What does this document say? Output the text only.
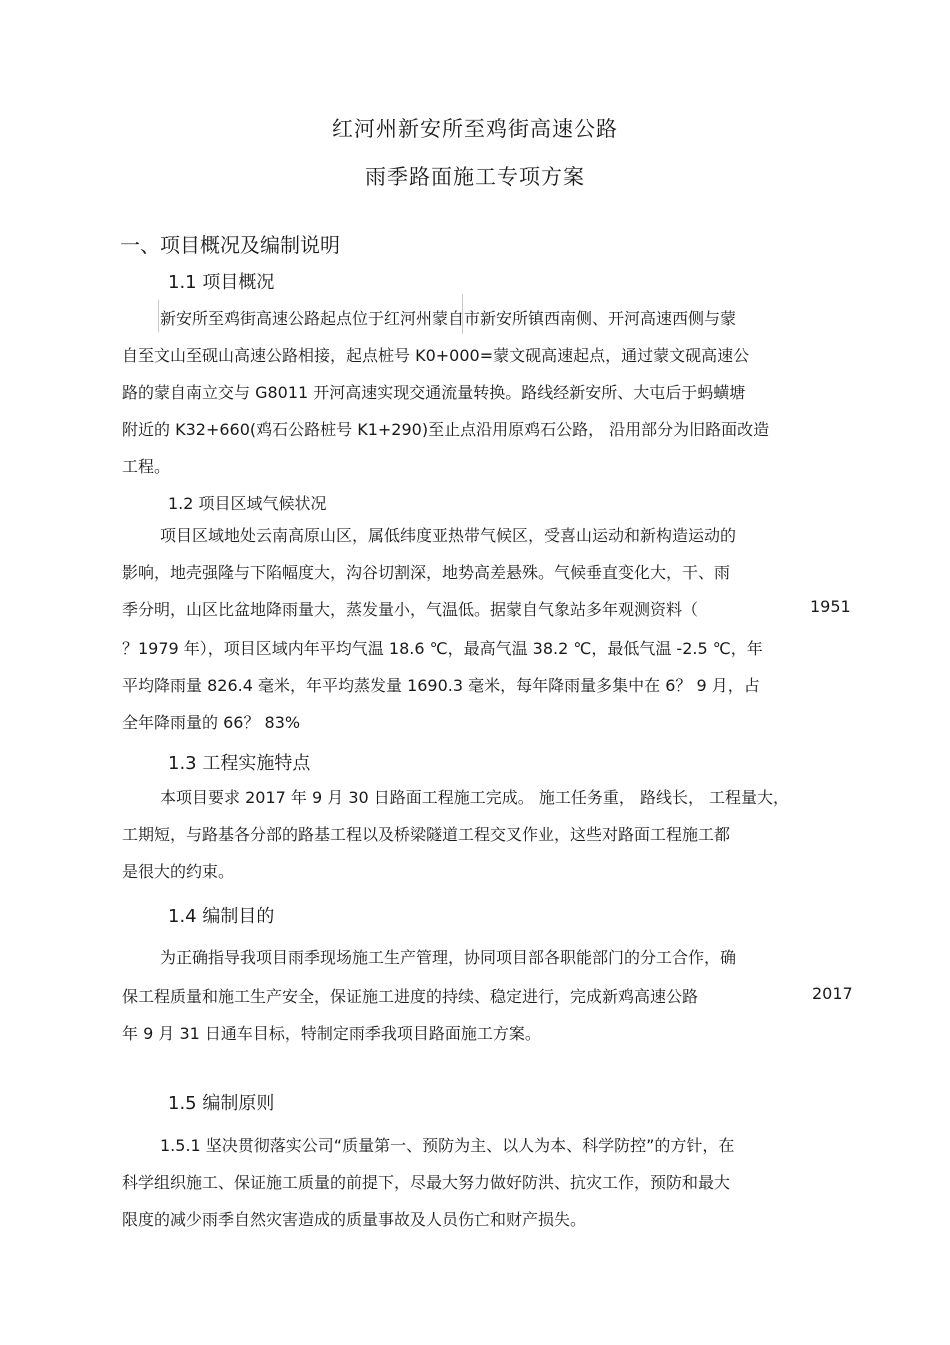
红河州新安所至鸡街高速公路
雨季路面施工专项方案
一、项目概况及编制说明
1.1 项目概况
新安所至鸡街高速公路起点位于红河州蒙自市新安所镇西南侧、开河高速西侧与蒙
自至文山至砚山高速公路相接，起点桩号 K0+000=蒙文砚高速起点，通过蒙文砚高速公
路的蒙自南立交与 G8011 开河高速实现交通流量转换。路线经新安所、大屯后于蚂蟥塘
附近的 K32+660(鸡石公路桩号 K1+290)至止点沿用原鸡石公路， 沿用部分为旧路面改造
工程。
1.2 项目区域气候状况
项目区域地处云南高原山区，属低纬度亚热带气候区，受喜山运动和新构造运动的
影响，地壳强隆与下陷幅度大，沟谷切割深，地势高差悬殊。气候垂直变化大，干、雨
季分明，山区比盆地降雨量大，蒸发量小，气温低。据蒙自气象站多年观测资料（	1951
？1979 年），项目区域内年平均气温 18.6 ℃，最高气温 38.2 ℃，最低气温 -2.5 ℃，年
平均降雨量 826.4 毫米，年平均蒸发量 1690.3 毫米，每年降雨量多集中在 6？ 9 月，占
全年降雨量的 66？ 83%
1.3 工程实施特点
本项目要求 2017 年 9 月 30 日路面工程施工完成。 施工任务重， 路线长， 工程量大，
工期短，与路基各分部的路基工程以及桥梁隧道工程交叉作业，这些对路面工程施工都
是很大的约束。
1.4 编制目的
为正确指导我项目雨季现场施工生产管理，协同项目部各职能部门的分工合作，确
保工程质量和施工生产安全，保证施工进度的持续、稳定进行，完成新鸡高速公路	2017
年 9 月 31 日通车目标，特制定雨季我项目路面施工方案。
1.5 编制原则
1.5.1 坚决贯彻落实公司“质量第一、预防为主、以人为本、科学防控”的方针，在
科学组织施工、保证施工质量的前提下，尽最大努力做好防洪、抗灾工作，预防和最大
限度的减少雨季自然灾害造成的质量事故及人员伤亡和财产损失。
